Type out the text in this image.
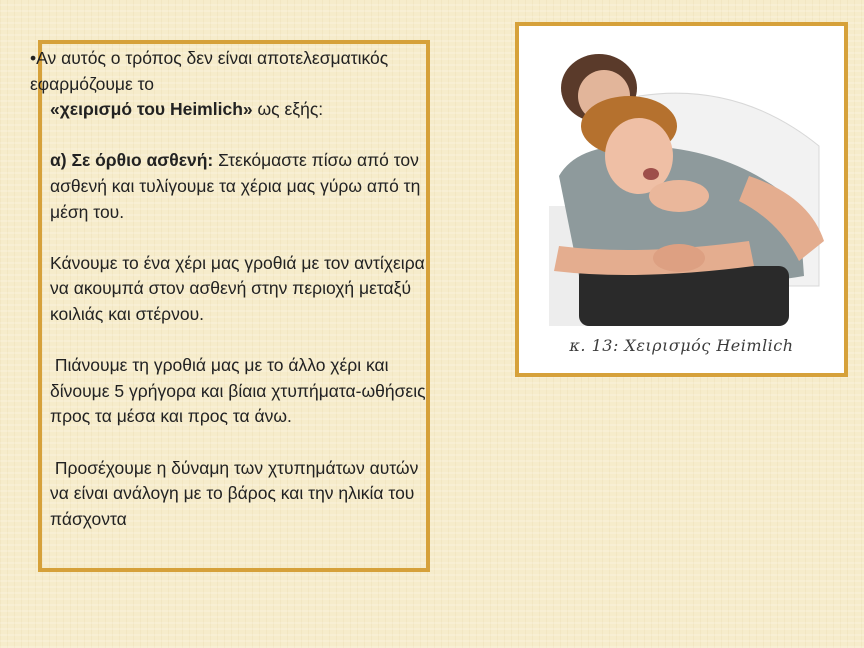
•Αν αυτός ο τρόπος δεν είναι αποτελεσματικός εφαρμόζουμε το

«χειρισμό του Heimlich» ως εξής:

α) Σε όρθιο ασθενή: Στεκόμαστε πίσω από τον ασθενή και τυλίγουμε τα χέρια μας γύρω από τη μέση του.

Κάνουμε το ένα χέρι μας γροθιά με τον αντίχειρα να ακουμπά στον ασθενή στην περιοχή μεταξύ κοιλιάς και στέρνου.

Πιάνουμε τη γροθιά μας με το άλλο χέρι και δίνουμε 5 γρήγορα και βίαια χτυπήματα-ωθήσεις προς τα μέσα και προς τα άνω.

Προσέχουμε η δύναμη των χτυπημάτων αυτών να είναι ανάλογη με το βάρος και την ηλικία του πάσχοντα

κ. 13: Χειρισμός Heimlich
